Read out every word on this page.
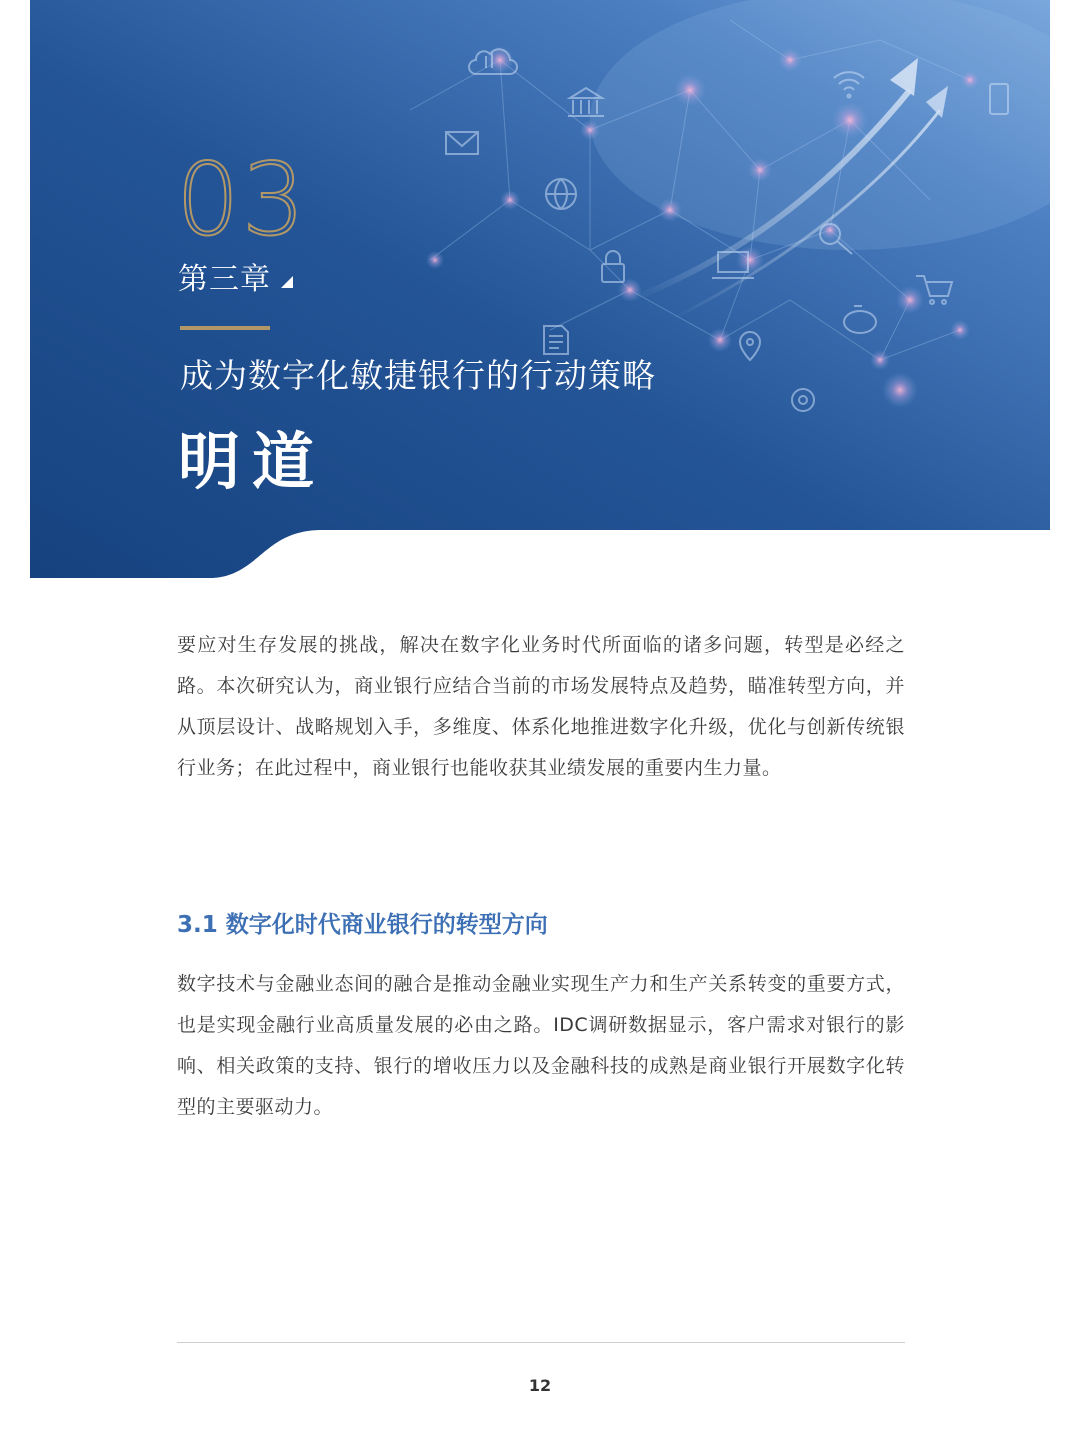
03
第三章
成为数字化敏捷银行的行动策略
明道

要应对生存发展的挑战，解决在数字化业务时代所面临的诸多问题，转型是必经之路。本次研究认为，商业银行应结合当前的市场发展特点及趋势，瞄准转型方向，并从顶层设计、战略规划入手，多维度、体系化地推进数字化升级，优化与创新传统银行业务；在此过程中，商业银行也能收获其业绩发展的重要内生力量。

3.1 数字化时代商业银行的转型方向

数字技术与金融业态间的融合是推动金融业实现生产力和生产关系转变的重要方式，也是实现金融行业高质量发展的必由之路。IDC调研数据显示，客户需求对银行的影响、相关政策的支持、银行的增收压力以及金融科技的成熟是商业银行开展数字化转型的主要驱动力。

12
